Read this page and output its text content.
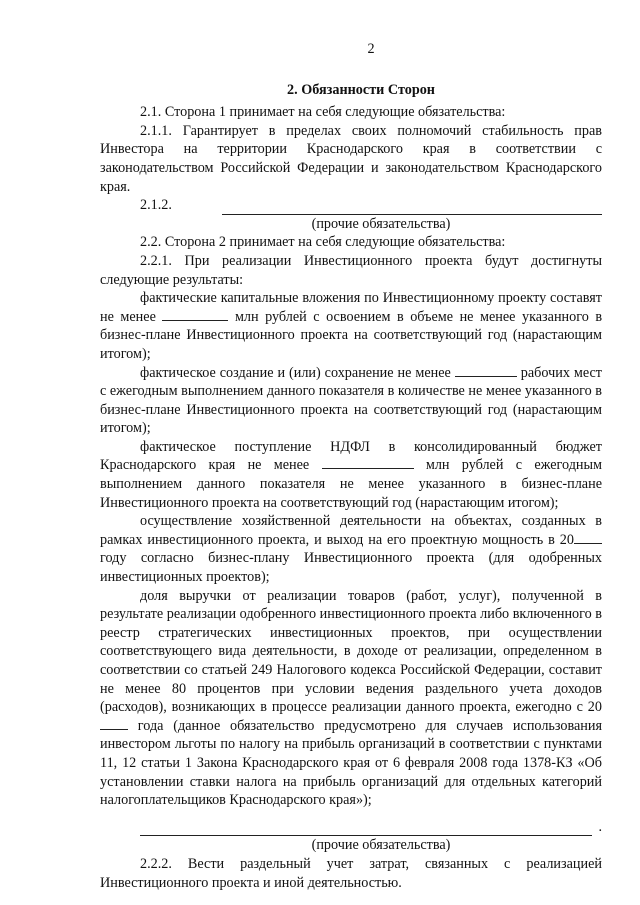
2
2. Обязанности Сторон

2.1. Сторона 1 принимает на себя следующие обязательства:

2.1.1. Гарантирует в пределах своих полномочий стабильность прав Инвестора на территории Краснодарского края в соответствии с законодательством Российской Федерации и законодательством Краснодарского края.

2.1.2.
(прочие обязательства)

2.2. Сторона 2 принимает на себя следующие обязательства:

2.2.1. При реализации Инвестиционного проекта будут достигнуты следующие результаты:

фактические капитальные вложения по Инвестиционному проекту составят не менее	млн рублей с освоением в объеме не менее указанного в бизнес-плане Инвестиционного проекта на соответствующий год (нарастающим итогом);

фактическое создание и (или) сохранение не менее	рабочих мест с ежегодным выполнением данного показателя в количестве не менее указанного в бизнес-плане Инвестиционного проекта на соответствующий год (нарастающим итогом);

фактическое поступление НДФЛ в консолидированный бюджет Краснодарского края не менее	млн рублей с ежегодным выполнением данного показателя не менее указанного в бизнес-плане Инвестиционного проекта на соответствующий год (нарастающим итогом);

осуществление хозяйственной деятельности на объектах, созданных в рамках инвестиционного проекта, и выход на его проектную мощность в 20 году согласно бизнес-плану Инвестиционного проекта (для одобренных инвестиционных проектов);

доля выручки от реализации товаров (работ, услуг), полученной в результате реализации одобренного инвестиционного проекта либо включенного в реестр стратегических инвестиционных проектов, при осуществлении соответствующего вида деятельности, в доходе от реализации, определенном в соответствии со статьей 249 Налогового кодекса Российской Федерации, составит не менее 80 процентов при условии ведения раздельного учета доходов (расходов), возникающих в процессе реализации данного проекта, ежегодно с 20 года (данное обязательство предусмотрено для случаев использования инвестором льготы по налогу на прибыль организаций в соответствии с пунктами 11, 12 статьи 1 Закона Краснодарского края от 6 февраля 2008 года 1378-КЗ «Об установлении ставки налога на прибыль организаций для отдельных категорий налогоплательщиков Краснодарского края»);

.
(прочие обязательства)

2.2.2. Вести раздельный учет затрат, связанных с реализацией Инвестиционного проекта и иной деятельностью.
